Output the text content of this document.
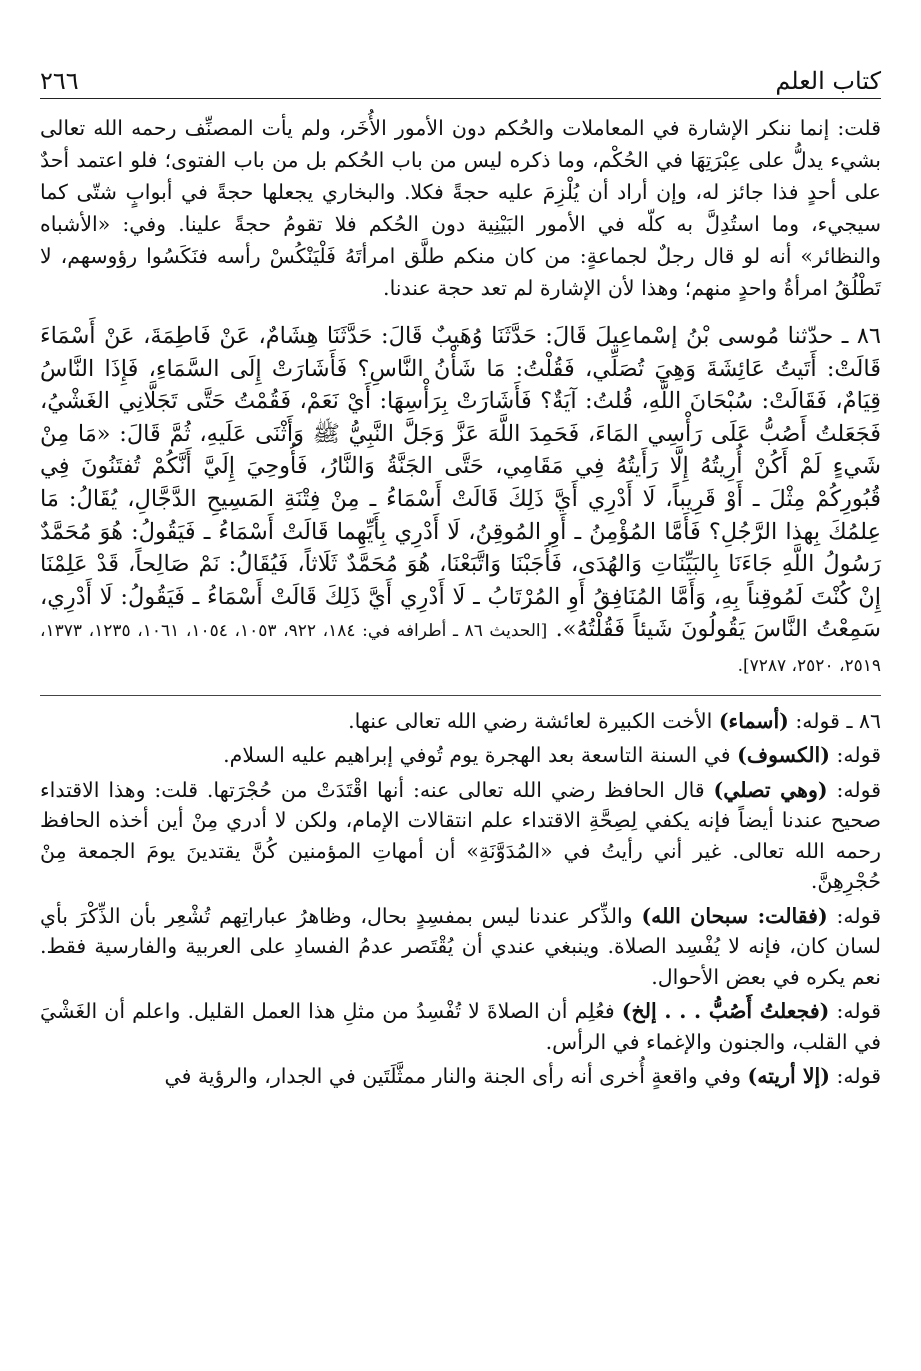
كتاب العلم
٢٦٦

قلت: إنما ننكر الإشارة في المعاملات والحُكم دون الأمور الأُخَر، ولم يأت المصنِّف رحمه الله تعالى بشيء يدلُّ على عِبْرَتِهَا في الحُكْم، وما ذكره ليس من باب الحُكم بل من باب الفتوى؛ فلو اعتمد أحدٌ على أحدٍ فذا جائز له، وإن أراد أن يُلْزِمَ عليه حجةً فكلا. والبخاري يجعلها حجةً في أبوابٍ شتّى كما سيجيء، وما استُدِلَّ به كلّه في الأمور البَيْنِية دون الحُكم فلا تقومُ حجةً علينا. وفي: «الأشباه والنظائر» أنه لو قال رجلٌ لجماعةٍ: من كان منكم طلَّق امرأتَهُ فَلْيَنْكُسْ رأسه فنَكَسُوا رؤوسهم، لا تَطْلُقُ امرأةُ واحدٍ منهم؛ وهذا لأن الإشارة لم تعد حجة عندنا.

٨٦ ـ حدّثنا مُوسى بْنُ إسْماعِيلَ قَالَ: حَدَّثَنَا وُهَيبٌ قَالَ: حَدَّثَنَا هِشَامٌ، عَنْ فَاطِمَةَ، عَنْ أَسْمَاءَ قَالَتْ: أَتَيتُ عَائِشَةَ وَهِيَ تُصَلِّي، فَقُلْتُ: مَا شَأْنُ النَّاسِ؟ فَأَشَارَتْ إِلَى السَّمَاءِ، فَإِذَا النَّاسُ قِيَامٌ، فَقَالَتْ: سُبْحَانَ اللَّهِ، قُلتُ: آيَةٌ؟ فَأَشَارَتْ بِرَأْسِهَا: أَيْ نَعَمْ، فَقُمْتُ حَتَّى تَجَلَّانِي الغَشْيُ، فَجَعَلتُ أَصُبُّ عَلَى رَأْسِي المَاءَ، فَحَمِدَ اللَّهَ عَزَّ وَجَلَّ النَّبِيُّ ﷺ وَأَثْنَى عَلَيهِ، ثُمَّ قَالَ: «مَا مِنْ شَيءٍ لَمْ أَكُنْ أُرِيتُهُ إِلَّا رَأَيتُهُ فِي مَقَامِي، حَتَّى الجَنَّةُ وَالنَّارُ، فَأُوحِيَ إِلَيَّ أَنَّكُمْ تُفتَنُونَ فِي قُبُورِكُمْ مِثْلَ ـ أَوْ قَرِيباً، لَا أَدْرِي أَيَّ ذَلِكَ قَالَتْ أَسْمَاءُ ـ مِنْ فِتْنَةِ المَسِيحِ الدَّجَّالِ، يُقَالُ: مَا عِلمُكَ بِهذا الرَّجُلِ؟ فَأَمَّا المُؤْمِنُ ـ أَوِ المُوقِنُ، لَا أَدْرِي بِأَيِّهِما قَالَتْ أَسْمَاءُ ـ فَيَقُولُ: هُوَ مُحَمَّدٌ رَسُولُ اللَّهِ جَاءَنَا بِالبَيِّنَاتِ وَالهُدَى، فَأَجَبْنَا وَاتَّبَعْنَا، هُوَ مُحَمَّدٌ ثَلَاثاً، فَيُقَالُ: نَمْ صَالِحاً، قَدْ عَلِمْنَا إِنْ كُنْتَ لَمُوقِناً بِهِ، وَأَمَّا المُنَافِقُ أَوِ المُرْتَابُ ـ لَا أَدْرِي أَيَّ ذَلِكَ قَالَتْ أَسْمَاءُ ـ فَيَقُولُ: لَا أَدْرِي، سَمِعْتُ النَّاسَ يَقُولُونَ شَيئاً فَقُلْتُهُ». [الحديث ٨٦ ـ أطرافه في: ١٨٤، ٩٢٢، ١٠٥٣، ١٠٥٤، ١٠٦١، ١٢٣٥، ١٣٧٣، ٢٥١٩، ٢٥٢٠، ٧٢٨٧].

٨٦ ـ قوله: (أسماء) الأخت الكبيرة لعائشة رضي الله تعالى عنها.

قوله: (الكسوف) في السنة التاسعة بعد الهجرة يوم تُوفي إبراهيم عليه السلام.

قوله: (وهي تصلي) قال الحافظ رضي الله تعالى عنه: أنها اقْتَدَتْ من حُجْرَتها. قلت: وهذا الاقتداء صحيح عندنا أيضاً فإنه يكفي لِصِحَّةِ الاقتداء علم انتقالات الإمام، ولكن لا أدري مِنْ أين أخذه الحافظ رحمه الله تعالى. غير أني رأيتُ في «المُدَوَّنَةِ» أن أمهاتِ المؤمنين كُنَّ يقتدينَ يومَ الجمعة مِنْ حُجْرِهِنَّ.

قوله: (فقالت: سبحان الله) والذِّكر عندنا ليس بمفسِدٍ بحال، وظاهرُ عباراتِهم تُشْعِر بأن الذِّكْرَ بأي لسان كان، فإنه لا يُفْسِد الصلاة. وينبغي عندي أن يُقْتَصر عدمُ الفسادِ على العربية والفارسية فقط. نعم يكره في بعض الأحوال.

قوله: (فجعلتُ أَصُبُّ . . . إلخ) فعُلِم أن الصلاةَ لا تُفْسِدُ من مثلِ هذا العمل القليل. واعلم أن الغَشْيَ في القلب، والجنون والإغماء في الرأس.

قوله: (إلا أريته) وفي واقعةٍ أُخرى أنه رأى الجنة والنار ممثَّلَتَين في الجدار، والرؤية في
